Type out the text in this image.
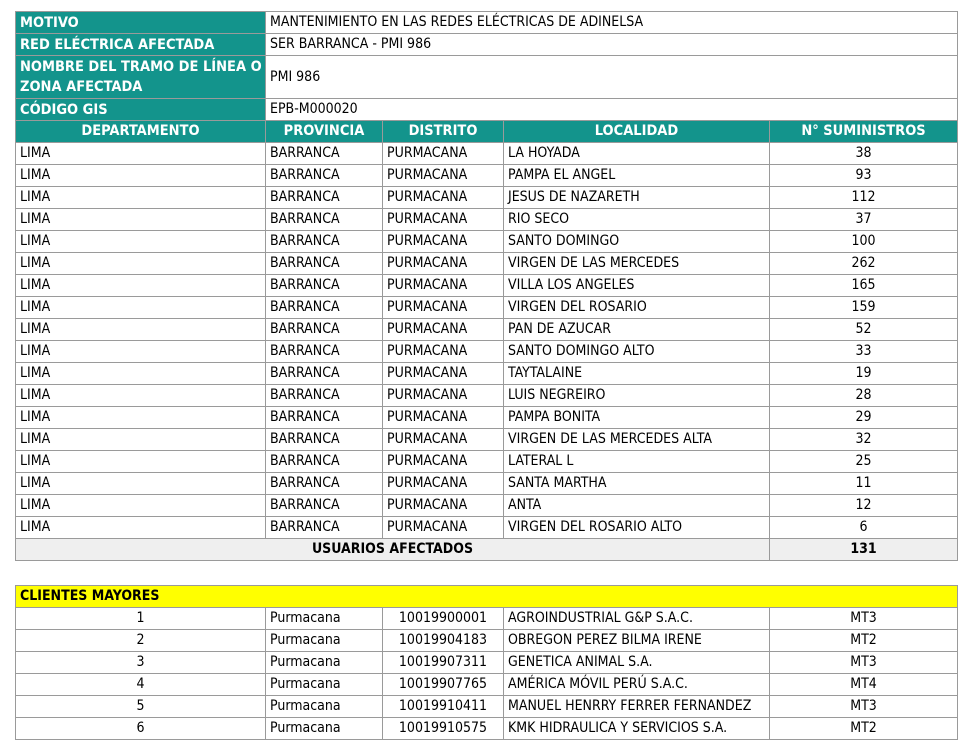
MOTIVO	MANTENIMIENTO EN LAS REDES ELÉCTRICAS DE ADINELSA			
RED ELÉCTRICA AFECTADA	SER BARRANCA - PMI 986			

NOMBRE DEL TRAMO DE LÍNEA O
ZONA AFECTADA	PMI 986			
CÓDIGO GIS	EPB-M000020			
DEPARTAMENTO	PROVINCIA	DISTRITO	LOCALIDAD	N° SUMINISTROS
LIMA	BARRANCA	PURMACANA	LA HOYADA	38
LIMA	BARRANCA	PURMACANA	PAMPA EL ANGEL	93
LIMA	BARRANCA	PURMACANA	JESUS DE NAZARETH	112
LIMA	BARRANCA	PURMACANA	RIO SECO	37
LIMA	BARRANCA	PURMACANA	SANTO DOMINGO	100
LIMA	BARRANCA	PURMACANA	VIRGEN DE LAS MERCEDES	262
LIMA	BARRANCA	PURMACANA	VILLA LOS ANGELES	165
LIMA	BARRANCA	PURMACANA	VIRGEN DEL ROSARIO	159
LIMA	BARRANCA	PURMACANA	PAN DE AZUCAR	52
LIMA	BARRANCA	PURMACANA	SANTO DOMINGO ALTO	33
LIMA	BARRANCA	PURMACANA	TAYTALAINE	19
LIMA	BARRANCA	PURMACANA	LUIS NEGREIRO	28
LIMA	BARRANCA	PURMACANA	PAMPA BONITA	29
LIMA	BARRANCA	PURMACANA	VIRGEN DE LAS MERCEDES ALTA	32
LIMA	BARRANCA	PURMACANA	LATERAL L	25
LIMA	BARRANCA	PURMACANA	SANTA MARTHA	11
LIMA	BARRANCA	PURMACANA	ANTA	12
LIMA	BARRANCA	PURMACANA	VIRGEN DEL ROSARIO ALTO	6
USUARIOS AFECTADOS				131
CLIENTES MAYORES				
1	Purmacana	10019900001	AGROINDUSTRIAL G&P S.A.C.	MT3
2	Purmacana	10019904183	OBREGON PEREZ BILMA IRENE	MT2
3	Purmacana	10019907311	GENETICA ANIMAL S.A.	MT3
4	Purmacana	10019907765	AMÉRICA MÓVIL PERÚ S.A.C.	MT4
5	Purmacana	10019910411	MANUEL HENRRY FERRER FERNANDEZ	MT3
6	Purmacana	10019910575	KMK HIDRAULICA Y SERVICIOS S.A.	MT2
